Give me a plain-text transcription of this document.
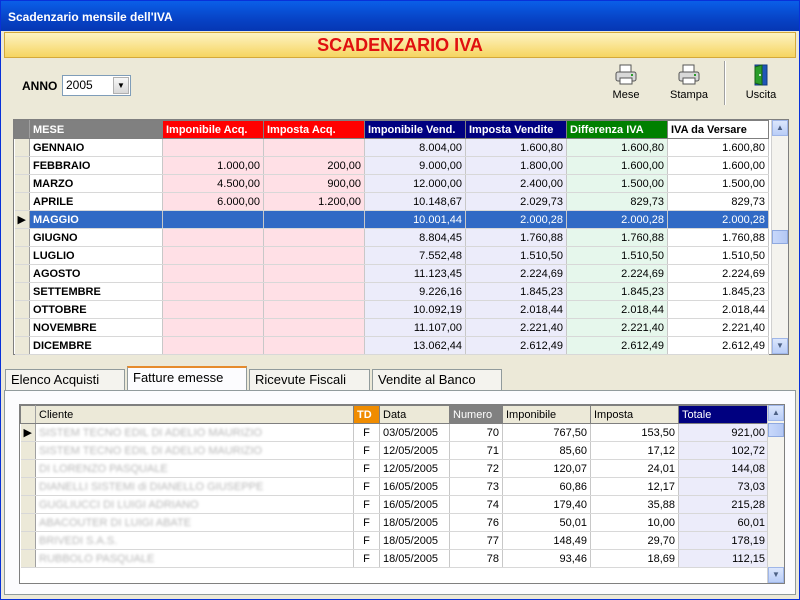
Scadenzario mensile dell'IVA
SCADENZARIO IVA
ANNO 2005	▼
Mese	Stampa	Uscita
	MESE	Imponibile Acq.	Imposta Acq.	Imponibile Vend.	Imposta Vendite	Differenza IVA	IVA da Versare
	GENNAIO			8.004,00	1.600,80	1.600,80	1.600,80
	FEBBRAIO	1.000,00	200,00	9.000,00	1.800,00	1.600,00	1.600,00
	MARZO	4.500,00	900,00	12.000,00	2.400,00	1.500,00	1.500,00
	APRILE	6.000,00	1.200,00	10.148,67	2.029,73	829,73	829,73
▶	MAGGIO			10.001,44	2.000,28	2.000,28	2.000,28
	GIUGNO			8.804,45	1.760,88	1.760,88	1.760,88
	LUGLIO			7.552,48	1.510,50	1.510,50	1.510,50
	AGOSTO			11.123,45	2.224,69	2.224,69	2.224,69
	SETTEMBRE			9.226,16	1.845,23	1.845,23	1.845,23
	OTTOBRE			10.092,19	2.018,44	2.018,44	2.018,44
	NOVEMBRE			11.107,00	2.221,40	2.221,40	2.221,40
	DICEMBRE			13.062,44	2.612,49	2.612,49	2.612,49
▲
▼
Elenco Acquisti	Fatture emesse	Ricevute Fiscali	Vendite al Banco
	Cliente	TD	Data	Numero	Imponibile	Imposta	Totale
▶	SISTEM TECNO EDIL DI ADELIO MAURIZIO	F	03/05/2005	70	767,50	153,50	921,00
	SISTEM TECNO EDIL DI ADELIO MAURIZIO	F	12/05/2005	71	85,60	17,12	102,72
	DI LORENZO PASQUALE	F	12/05/2005	72	120,07	24,01	144,08
	DIANELLI SISTEMI di DIANELLO GIUSEPPE	F	16/05/2005	73	60,86	12,17	73,03
	GUGLIUCCI DI LUIGI ADRIANO	F	16/05/2005	74	179,40	35,88	215,28
	ABACOUTER DI LUIGI ABATE	F	18/05/2005	76	50,01	10,00	60,01
	BRIVEDI S.A.S.	F	18/05/2005	77	148,49	29,70	178,19
	RUBBOLO PASQUALE	F	18/05/2005	78	93,46	18,69	112,15
▲
▼
